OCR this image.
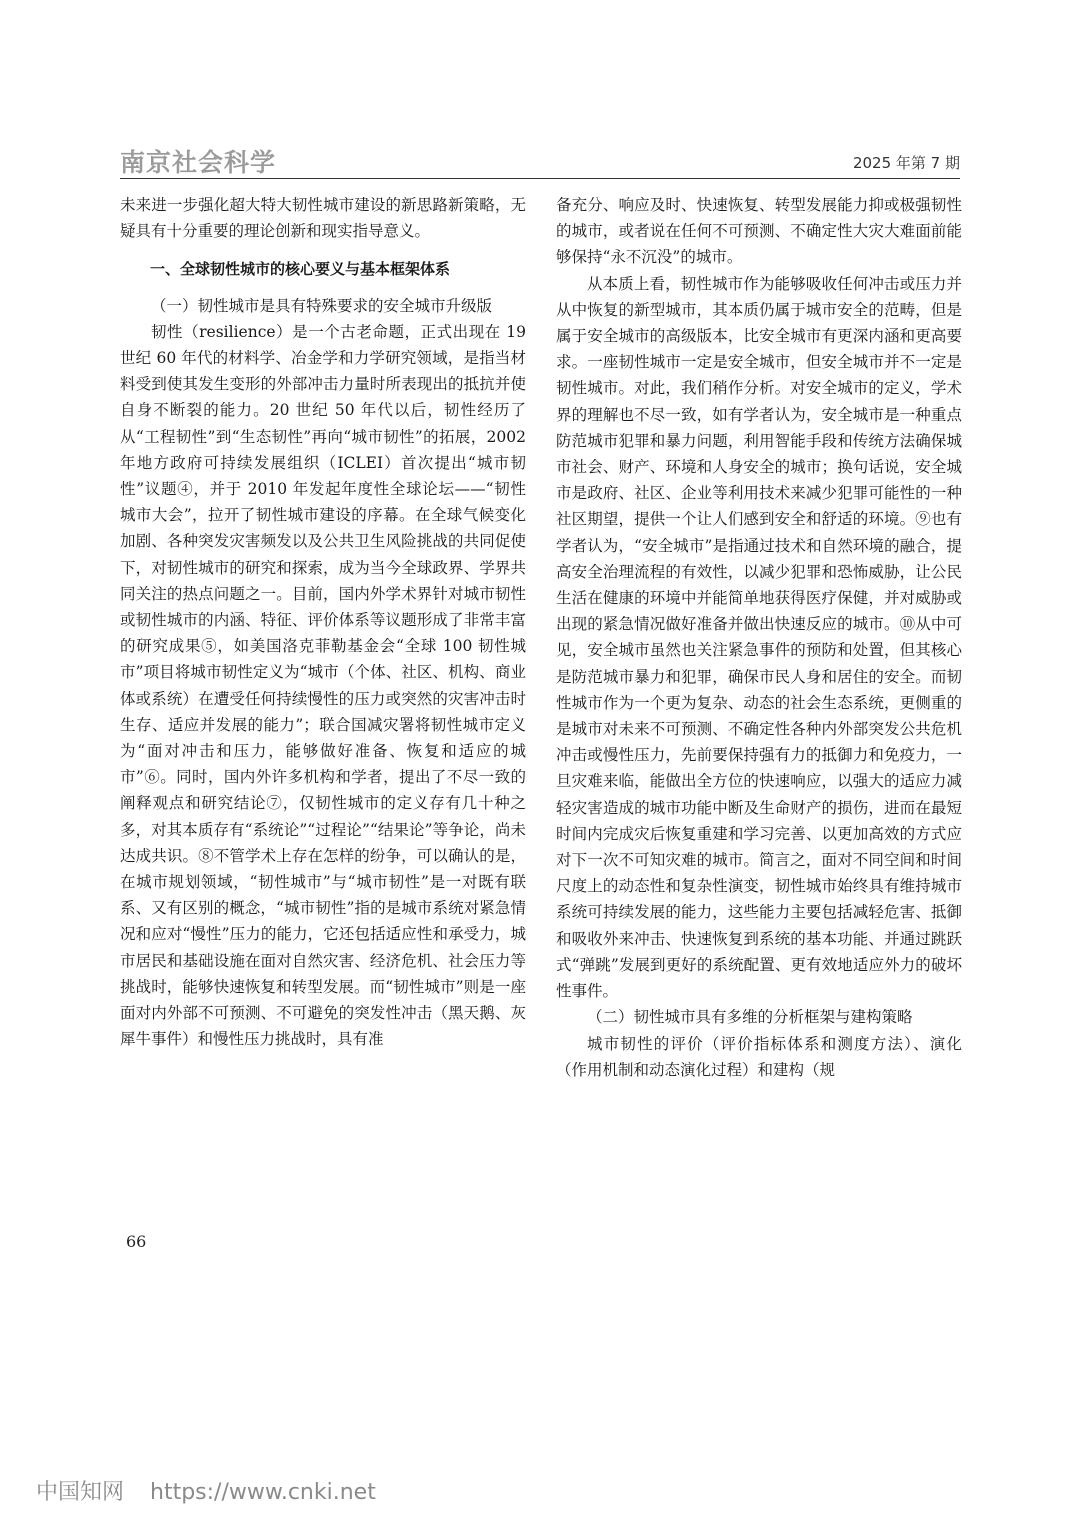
南京社会科学	2025 年第 7 期

未来进一步强化超大特大韧性城市建设的新思路新策略，无疑具有十分重要的理论创新和现实指导意义。

一、全球韧性城市的核心要义与基本框架体系

（一）韧性城市是具有特殊要求的安全城市升级版

韧性（resilience）是一个古老命题，正式出现在 19 世纪 60 年代的材料学、冶金学和力学研究领域，是指当材料受到使其发生变形的外部冲击力量时所表现出的抵抗并使自身不断裂的能力。20 世纪 50 年代以后，韧性经历了从“工程韧性”到“生态韧性”再向“城市韧性”的拓展，2002 年地方政府可持续发展组织（ICLEI）首次提出“城市韧性”议题④，并于 2010 年发起年度性全球论坛——“韧性城市大会”，拉开了韧性城市建设的序幕。在全球气候变化加剧、各种突发灾害频发以及公共卫生风险挑战的共同促使下，对韧性城市的研究和探索，成为当今全球政界、学界共同关注的热点问题之一。目前，国内外学术界针对城市韧性或韧性城市的内涵、特征、评价体系等议题形成了非常丰富的研究成果⑤，如美国洛克菲勒基金会“全球 100 韧性城市”项目将城市韧性定义为“城市（个体、社区、机构、商业体或系统）在遭受任何持续慢性的压力或突然的灾害冲击时生存、适应并发展的能力”；联合国减灾署将韧性城市定义为“面对冲击和压力，能够做好准备、恢复和适应的城市”⑥。同时，国内外许多机构和学者，提出了不尽一致的阐释观点和研究结论⑦，仅韧性城市的定义存有几十种之多，对其本质存有“系统论”“过程论”“结果论”等争论，尚未达成共识。⑧不管学术上存在怎样的纷争，可以确认的是，在城市规划领域，“韧性城市”与“城市韧性”是一对既有联系、又有区别的概念，“城市韧性”指的是城市系统对紧急情况和应对“慢性”压力的能力，它还包括适应性和承受力，城市居民和基础设施在面对自然灾害、经济危机、社会压力等挑战时，能够快速恢复和转型发展。而“韧性城市”则是一座面对内外部不可预测、不可避免的突发性冲击（黑天鹅、灰犀牛事件）和慢性压力挑战时，具有准

备充分、响应及时、快速恢复、转型发展能力抑或极强韧性的城市，或者说在任何不可预测、不确定性大灾大难面前能够保持“永不沉没”的城市。

从本质上看，韧性城市作为能够吸收任何冲击或压力并从中恢复的新型城市，其本质仍属于城市安全的范畴，但是属于安全城市的高级版本，比安全城市有更深内涵和更高要求。一座韧性城市一定是安全城市，但安全城市并不一定是韧性城市。对此，我们稍作分析。对安全城市的定义，学术界的理解也不尽一致，如有学者认为，安全城市是一种重点防范城市犯罪和暴力问题，利用智能手段和传统方法确保城市社会、财产、环境和人身安全的城市；换句话说，安全城市是政府、社区、企业等利用技术来减少犯罪可能性的一种社区期望，提供一个让人们感到安全和舒适的环境。⑨也有学者认为，“安全城市”是指通过技术和自然环境的融合，提高安全治理流程的有效性，以减少犯罪和恐怖威胁，让公民生活在健康的环境中并能简单地获得医疗保健，并对威胁或出现的紧急情况做好准备并做出快速反应的城市。⑩从中可见，安全城市虽然也关注紧急事件的预防和处置，但其核心是防范城市暴力和犯罪，确保市民人身和居住的安全。而韧性城市作为一个更为复杂、动态的社会生态系统，更侧重的是城市对未来不可预测、不确定性各种内外部突发公共危机冲击或慢性压力，先前要保持强有力的抵御力和免疫力，一旦灾难来临，能做出全方位的快速响应，以强大的适应力减轻灾害造成的城市功能中断及生命财产的损伤，进而在最短时间内完成灾后恢复重建和学习完善、以更加高效的方式应对下一次不可知灾难的城市。简言之，面对不同空间和时间尺度上的动态性和复杂性演变，韧性城市始终具有维持城市系统可持续发展的能力，这些能力主要包括减轻危害、抵御和吸收外来冲击、快速恢复到系统的基本功能、并通过跳跃式“弹跳”发展到更好的系统配置、更有效地适应外力的破坏性事件。

（二）韧性城市具有多维的分析框架与建构策略

城市韧性的评价（评价指标体系和测度方法）、演化（作用机制和动态演化过程）和建构（规

66
中国知网 https://www.cnki.net
